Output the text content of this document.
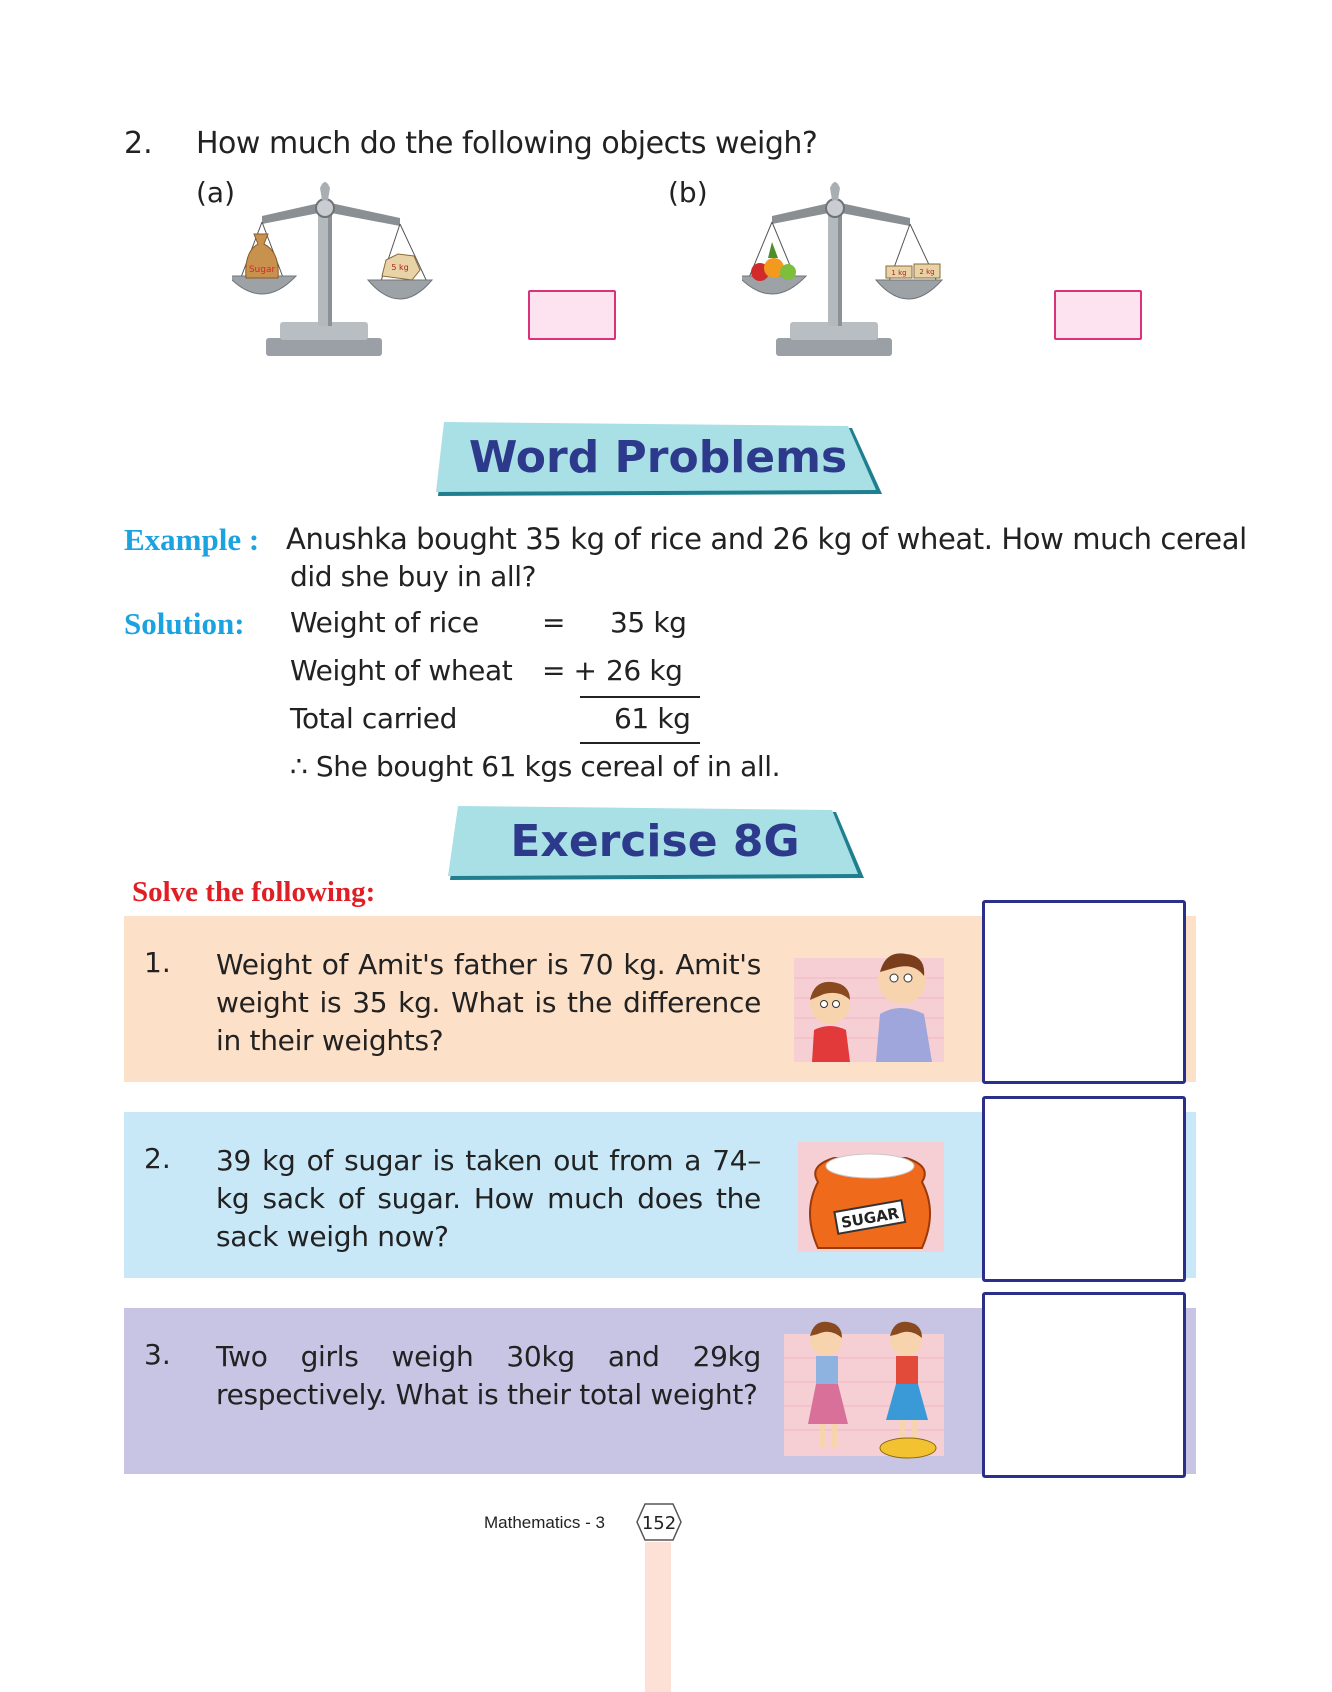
2. How much do the following objects weigh?
(a)	(b)
Sugar	5 kg
1 kg 2 kg
Word Problems
Example : Anushka bought 35 kg of rice and 26 kg of wheat. How much cereal
did she buy in all?
Solution: Weight of rice = 35 kg
Weight of wheat = + 26 kg
Total carried	61 kg
∴ She bought 61 kgs cereal of in all.
Exercise 8G
Solve the following:
1. Weight of Amit's father is 70 kg. Amit's weight is 35 kg. What is the difference in their weights?
2. 39 kg of sugar is taken out from a 74–kg sack of sugar. How much does the sack weigh now?
SUGAR
3. Two girls weigh 30kg and 29kg respectively. What is their total weight?
Mathematics - 3 152
